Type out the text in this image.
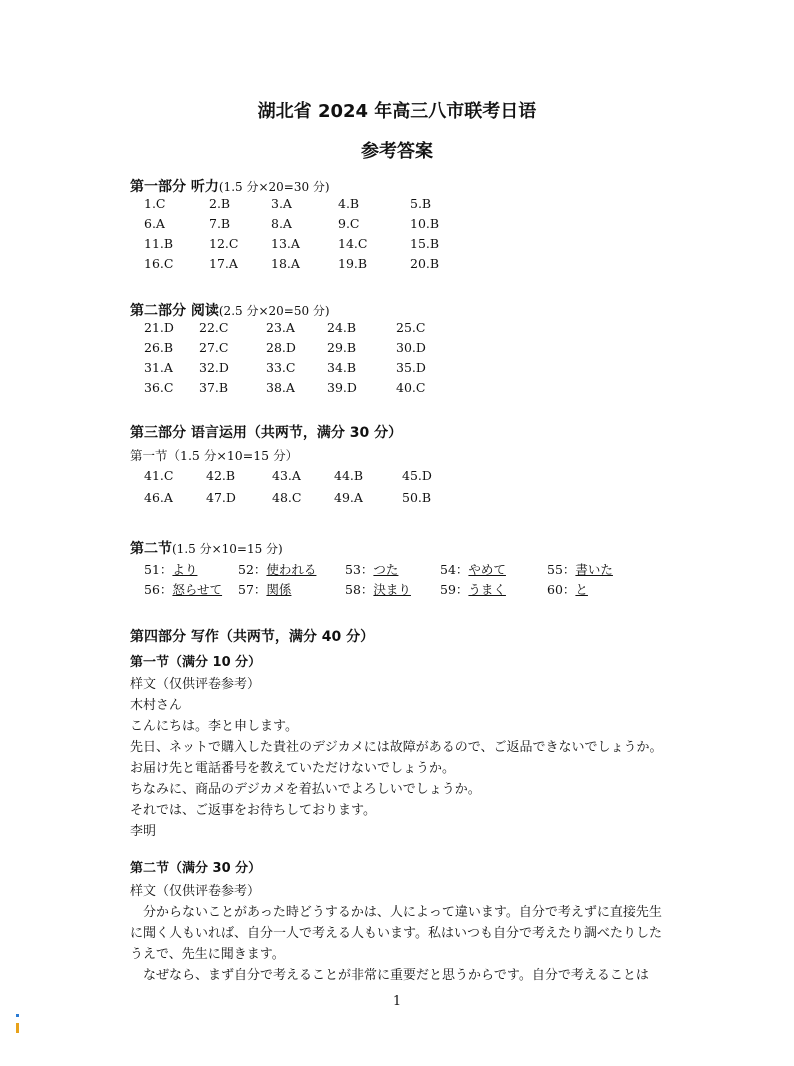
湖北省 2024 年高三八市联考日语
参考答案
第一部分 听力(1.5 分×20=30 分)
1.C	2.B	3.A	4.B	5.B
6.A	7.B	8.A	9.C	10.B
11.B	12.C	13.A	14.C	15.B
16.C	17.A	18.A	19.B	20.B
第二部分 阅读(2.5 分×20=50 分)
21.D 22.C	23.A	24.B	25.C
26.B 27.C	28.D 29.B	30.D
31.A 32.D	33.C	34.B	35.D
36.C 37.B	38.A	39.D	40.C
第三部分 语言运用（共两节，满分 30 分）
第一节（1.5 分×10=15 分）
41.C	42.B	43.A	44.B	45.D
46.A	47.D	48.C	49.A	50.B
第二节(1.5 分×10=15 分)
51：より	52：使われる 53：つた	54：やめて	55：書いた
56：怒らせて 57：関係	58：決まり 59：うまく	60：と
第四部分 写作（共两节，满分 40 分）
第一节（满分 10 分）
样文（仅供评卷参考）
木村さん
こんにちは。李と申します。
先日、ネットで購入した貴社のデジカメには故障があるので、ご返品できないでしょうか。
お届け先と電話番号を教えていただけないでしょうか。
ちなみに、商品のデジカメを着払いでよろしいでしょうか。
それでは、ご返事をお待ちしております。
李明
第二节（满分 30 分）
样文（仅供评卷参考）
分からないことがあった時どうするかは、人によって違います。自分で考えずに直接先生に聞く人もいれば、自分一人で考える人もいます。私はいつも自分で考えたり調べたりしたうえで、先生に聞きます。
なぜなら、まず自分で考えることが非常に重要だと思うからです。自分で考えることは
1
